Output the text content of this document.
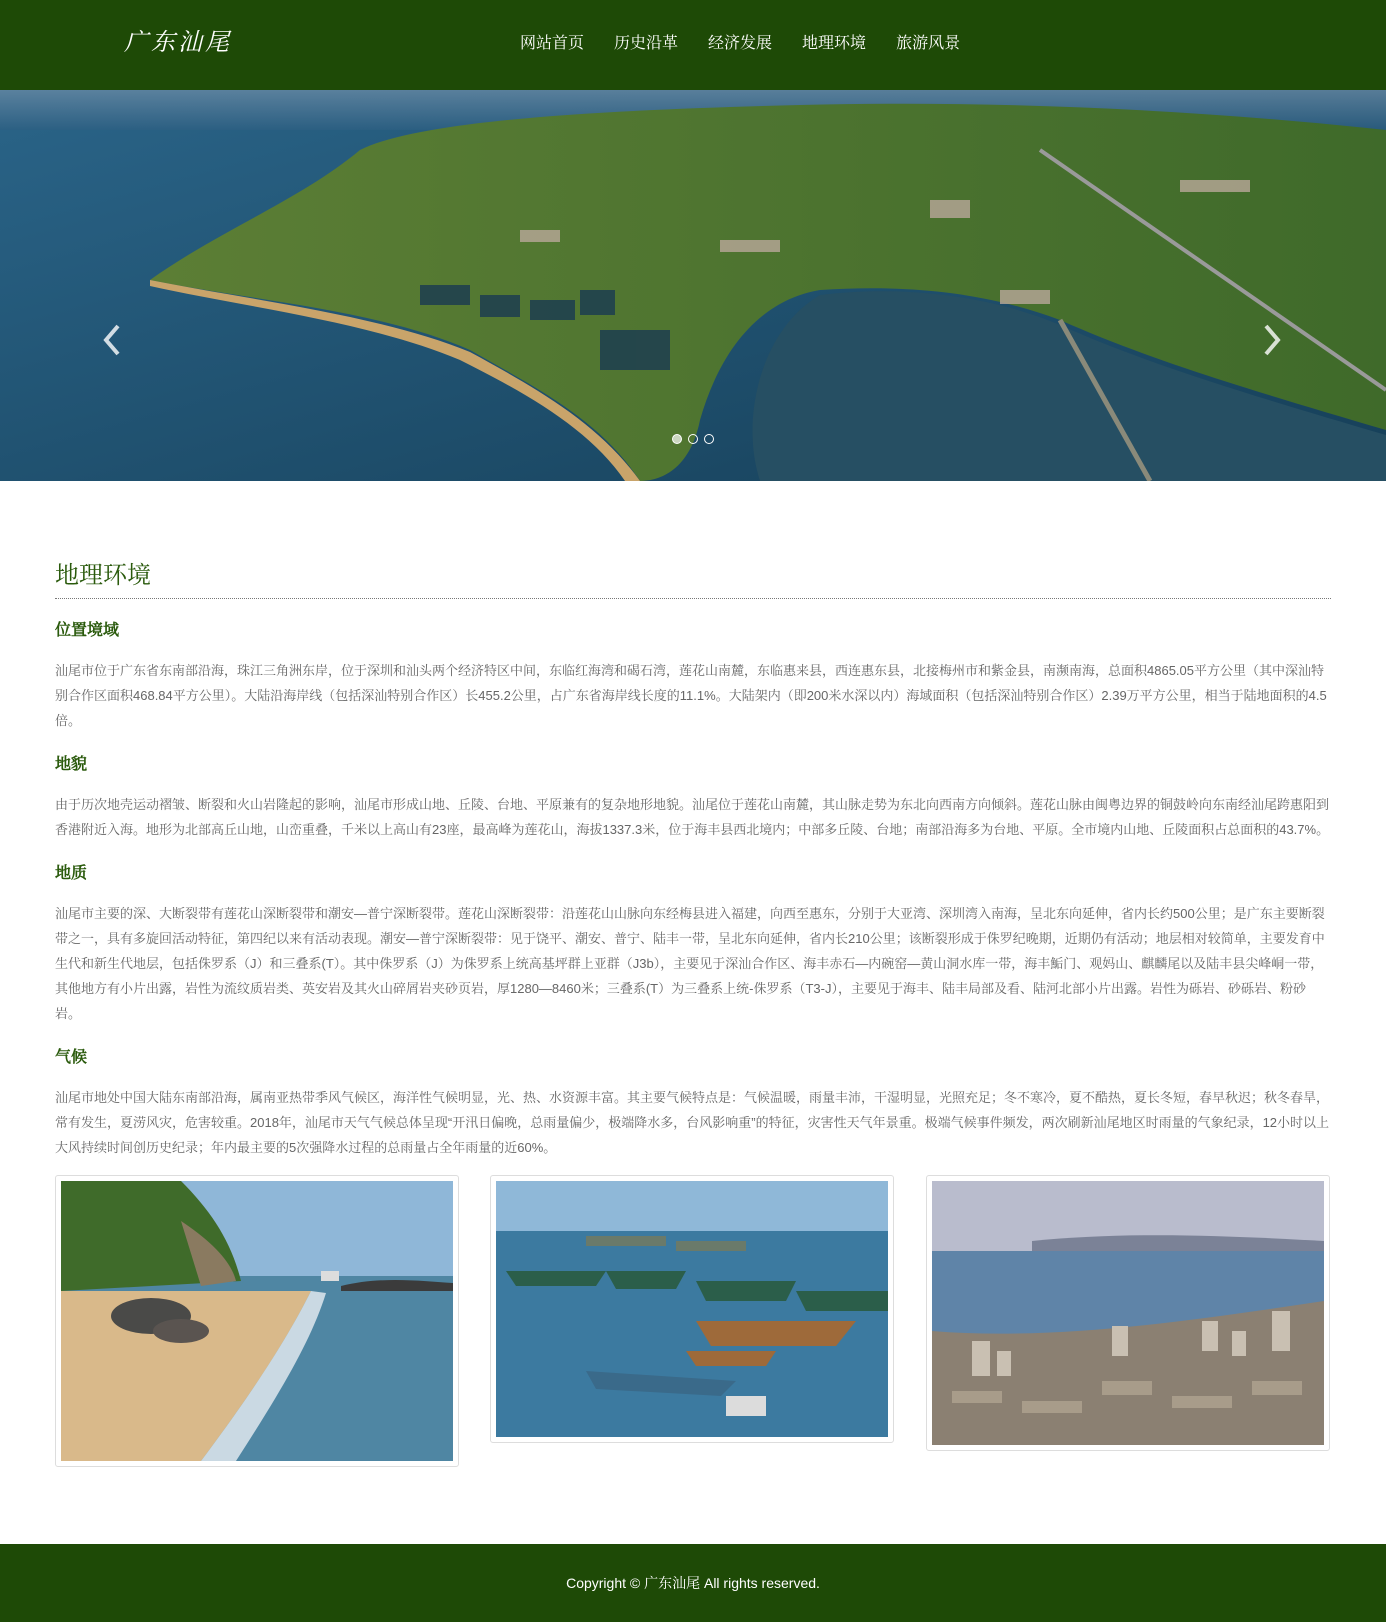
广东汕尾	网站首页 历史沿革 经济发展 地理环境 旅游风景
地理环境
位置境域

汕尾市位于广东省东南部沿海，珠江三角洲东岸，位于深圳和汕头两个经济特区中间，东临红海湾和碣石湾，莲花山南麓，东临惠来县，西连惠东县，北接梅州市和紫金县，南濒南海，总面积4865.05平方公里（其中深汕特别合作区面积468.84平方公里）。大陆沿海岸线（包括深汕特别合作区）长455.2公里，占广东省海岸线长度的11.1%。大陆架内（即200米水深以内）海域面积（包括深汕特别合作区）2.39万平方公里，相当于陆地面积的4.5倍。

地貌

由于历次地壳运动褶皱、断裂和火山岩隆起的影响，汕尾市形成山地、丘陵、台地、平原兼有的复杂地形地貌。汕尾位于莲花山南麓，其山脉走势为东北向西南方向倾斜。莲花山脉由闽粤边界的铜鼓岭向东南经汕尾跨惠阳到香港附近入海。地形为北部高丘山地，山峦重叠，千米以上高山有23座，最高峰为莲花山，海拔1337.3米，位于海丰县西北境内；中部多丘陵、台地；南部沿海多为台地、平原。全市境内山地、丘陵面积占总面积的43.7%。

地质

汕尾市主要的深、大断裂带有莲花山深断裂带和潮安—普宁深断裂带。莲花山深断裂带：沿莲花山山脉向东经梅县进入福建，向西至惠东，分别于大亚湾、深圳湾入南海，呈北东向延伸，省内长约500公里；是广东主要断裂带之一，具有多旋回活动特征，第四纪以来有活动表现。潮安—普宁深断裂带：见于饶平、潮安、普宁、陆丰一带，呈北东向延伸，省内长210公里；该断裂形成于侏罗纪晚期，近期仍有活动；地层相对较简单，主要发育中生代和新生代地层，包括侏罗系（J）和三叠系(T）。其中侏罗系（J）为侏罗系上统高基坪群上亚群（J3b），主要见于深汕合作区、海丰赤石—内碗窑—黄山洞水库一带，海丰鮜门、观妈山、麒麟尾以及陆丰县尖峰峒一带，其他地方有小片出露，岩性为流纹质岩类、英安岩及其火山碎屑岩夹砂页岩，厚1280—8460米；三叠系(T）为三叠系上统-侏罗系（T3-J），主要见于海丰、陆丰局部及看、陆河北部小片出露。岩性为砾岩、砂砾岩、粉砂岩。

气候

汕尾市地处中国大陆东南部沿海，属南亚热带季风气候区，海洋性气候明显，光、热、水资源丰富。其主要气候特点是：气候温暖，雨量丰沛，干湿明显，光照充足；冬不寒冷，夏不酷热，夏长冬短，春早秋迟；秋冬春旱，常有发生，夏涝风灾，危害较重。2018年，汕尾市天气气候总体呈现“开汛日偏晚，总雨量偏少，极端降水多，台风影响重”的特征，灾害性天气年景重。极端气候事件频发，两次刷新汕尾地区时雨量的气象纪录，12小时以上大风持续时间创历史纪录；年内最主要的5次强降水过程的总雨量占全年雨量的近60%。

Copyright © 广东汕尾 All rights reserved.
